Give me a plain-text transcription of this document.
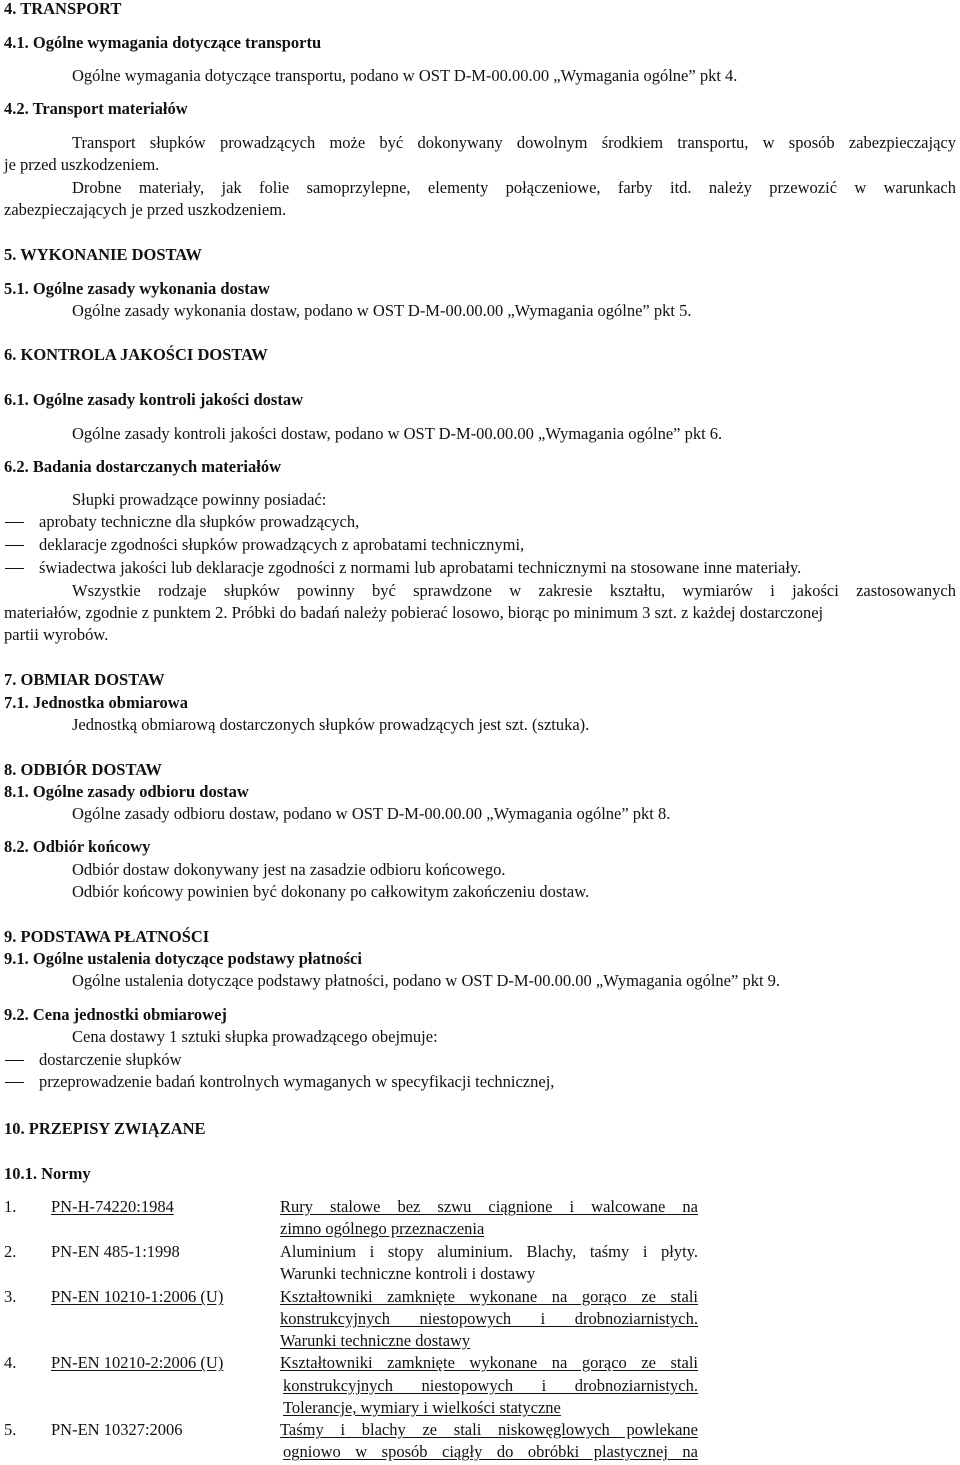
4. TRANSPORT
4.1. Ogólne wymagania dotyczące transportu
Ogólne wymagania dotyczące transportu, podano w OST D-M-00.00.00 „Wymagania ogólne” pkt 4.
4.2. Transport materiałów
Transport słupków prowadzących może być dokonywany dowolnym środkiem transportu, w sposób zabezpieczający
je przed uszkodzeniem.
Drobne materiały, jak folie samoprzylepne, elementy połączeniowe, farby itd. należy przewozić w warunkach
zabezpieczających je przed uszkodzeniem.
5. WYKONANIE DOSTAW
5.1. Ogólne zasady wykonania dostaw
Ogólne zasady wykonania dostaw, podano w OST D-M-00.00.00 „Wymagania ogólne” pkt 5.
6. KONTROLA JAKOŚCI DOSTAW
6.1. Ogólne zasady kontroli jakości dostaw
Ogólne zasady kontroli jakości dostaw, podano w OST D-M-00.00.00 „Wymagania ogólne” pkt 6.
6.2. Badania dostarczanych materiałów
Słupki prowadzące powinny posiadać:
aprobaty techniczne dla słupków prowadzących,
deklaracje zgodności słupków prowadzących z aprobatami technicznymi,
świadectwa jakości lub deklaracje zgodności z normami lub aprobatami technicznymi na stosowane inne materiały.
Wszystkie rodzaje słupków powinny być sprawdzone w zakresie kształtu, wymiarów i jakości zastosowanych
materiałów, zgodnie z punktem 2. Próbki do badań należy pobierać losowo, biorąc po minimum 3 szt. z każdej dostarczonej
partii wyrobów.
7. OBMIAR DOSTAW
7.1. Jednostka obmiarowa
Jednostką obmiarową dostarczonych słupków prowadzących jest szt. (sztuka).
8. ODBIÓR DOSTAW
8.1. Ogólne zasady odbioru dostaw
Ogólne zasady odbioru dostaw, podano w OST D-M-00.00.00 „Wymagania ogólne” pkt 8.
8.2. Odbiór końcowy
Odbiór dostaw dokonywany jest na zasadzie odbioru końcowego.
Odbiór końcowy powinien być dokonany po całkowitym zakończeniu dostaw.
9. PODSTAWA PŁATNOŚCI
9.1. Ogólne ustalenia dotyczące podstawy płatności
Ogólne ustalenia dotyczące podstawy płatności, podano w OST D-M-00.00.00 „Wymagania ogólne” pkt 9.
9.2. Cena jednostki obmiarowej
Cena dostawy 1 sztuki słupka prowadzącego obejmuje:
dostarczenie słupków
przeprowadzenie badań kontrolnych wymaganych w specyfikacji technicznej,
10. PRZEPISY ZWIĄZANE
10.1. Normy
1. PN-H-74220:1984	Rury stalowe bez szwu ciągnione i walcowane na
zimno ogólnego przeznaczenia
2. PN-EN 485-1:1998	Aluminium i stopy aluminium. Blachy, taśmy i płyty.
Warunki techniczne kontroli i dostawy
3. PN-EN 10210-1:2006 (U)	Kształtowniki zamknięte wykonane na gorąco ze stali
konstrukcyjnych niestopowych i drobnoziarnistych.
Warunki techniczne dostawy
4. PN-EN 10210-2:2006 (U)	Kształtowniki zamknięte wykonane na gorąco ze stali
konstrukcyjnych niestopowych i drobnoziarnistych.
Tolerancje, wymiary i wielkości statyczne
5. PN-EN 10327:2006	Taśmy i blachy ze stali niskowęglowych powlekane
ogniowo w sposób ciągły do obróbki plastycznej na
